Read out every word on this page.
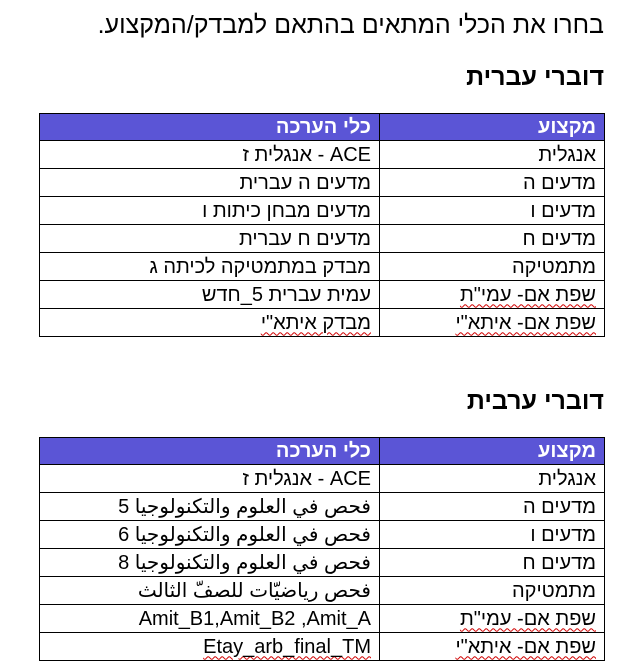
בחרו את הכלי המתאים בהתאם למבדק/המקצוע.
דוברי עברית
מקצוע	כלי הערכה
אנגלית	ACE - אנגלית ז
מדעים ה	מדעים ה עברית
מדעים ו	מדעים מבחן כיתות ו
מדעים ח	מדעים ח עברית
מתמטיקה	מבדק במתמטיקה לכיתה ג
שפת אם- עמי"ת	עמית עברית 5_חדש
שפת אם- איתא"י	מבדק איתא"י
דוברי ערבית
מקצוע	כלי הערכה
אנגלית	ACE - אנגלית ז
מדעים ה	فحص في العلوم والتكنولوجيا 5
מדעים ו	فحص في العلوم والتكنولوجيا 6
מדעים ח	فحص في العلوم والتكنولوجيا 8
מתמטיקה	فحص رياضيّات للصفّ الثالث
שפת אם- עמי"ת	Amit_B1,Amit_B2 ,Amit_A
שפת אם- איתא"י	Etay_arb_final_TM
